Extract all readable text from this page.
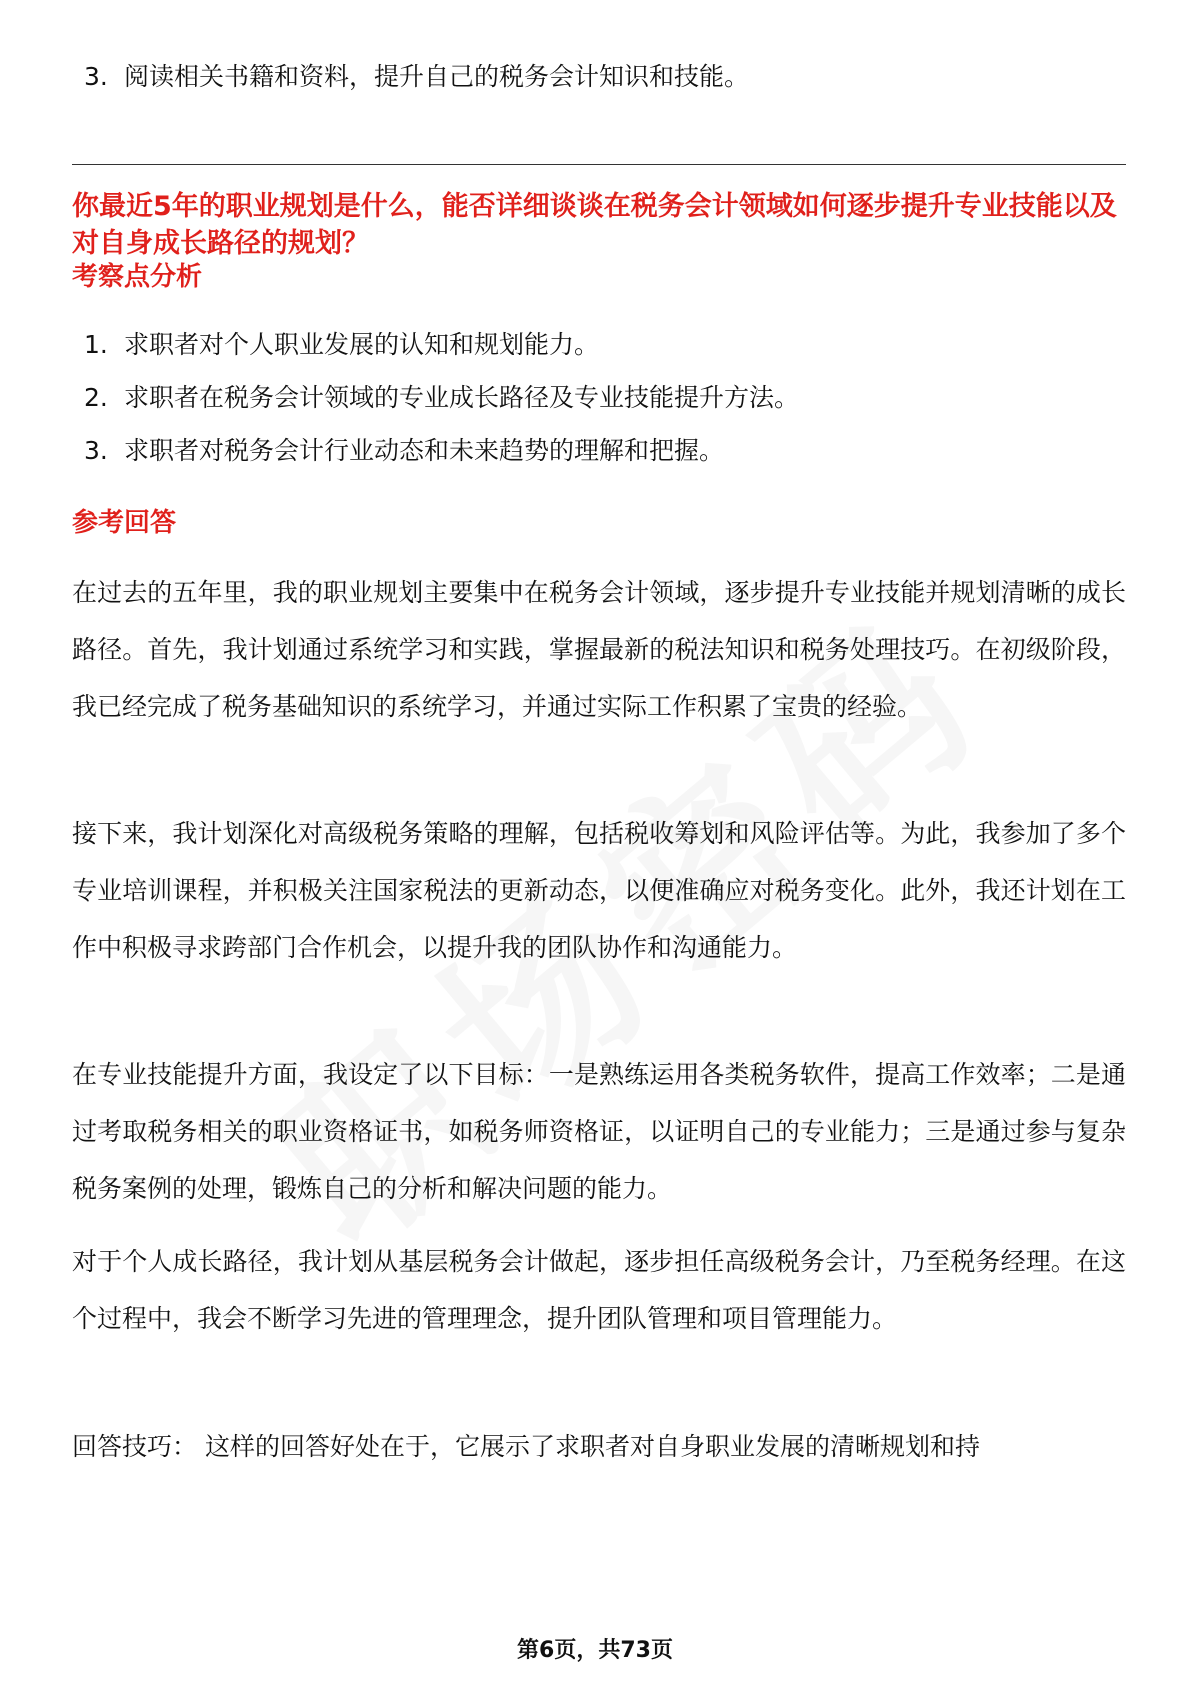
3. 阅读相关书籍和资料，提升自己的税务会计知识和技能。

你最近5年的职业规划是什么，能否详细谈谈在税务会计领域如何逐步提升专业技能以及对自身成长路径的规划？

考察点分析
1. 求职者对个人职业发展的认知和规划能力。
2. 求职者在税务会计领域的专业成长路径及专业技能提升方法。
3. 求职者对税务会计行业动态和未来趋势的理解和把握。
参考回答

在过去的五年里，我的职业规划主要集中在税务会计领域，逐步提升专业技能并规划清晰的成长路径。首先，我计划通过系统学习和实践，掌握最新的税法知识和税务处理技巧。在初级阶段，我已经完成了税务基础知识的系统学习，并通过实际工作积累了宝贵的经验。

接下来，我计划深化对高级税务策略的理解，包括税收筹划和风险评估等。为此，我参加了多个专业培训课程，并积极关注国家税法的更新动态，以便准确应对税务变化。此外，我还计划在工作中积极寻求跨部门合作机会，以提升我的团队协作和沟通能力。

在专业技能提升方面，我设定了以下目标：一是熟练运用各类税务软件，提高工作效率；二是通过考取税务相关的职业资格证书，如税务师资格证，以证明自己的专业能力；三是通过参与复杂税务案例的处理，锻炼自己的分析和解决问题的能力。

对于个人成长路径，我计划从基层税务会计做起，逐步担任高级税务会计，乃至税务经理。在这个过程中，我会不断学习先进的管理理念，提升团队管理和项目管理能力。

回答技巧： 这样的回答好处在于，它展示了求职者对自身职业发展的清晰规划和持

第6页，共73页
